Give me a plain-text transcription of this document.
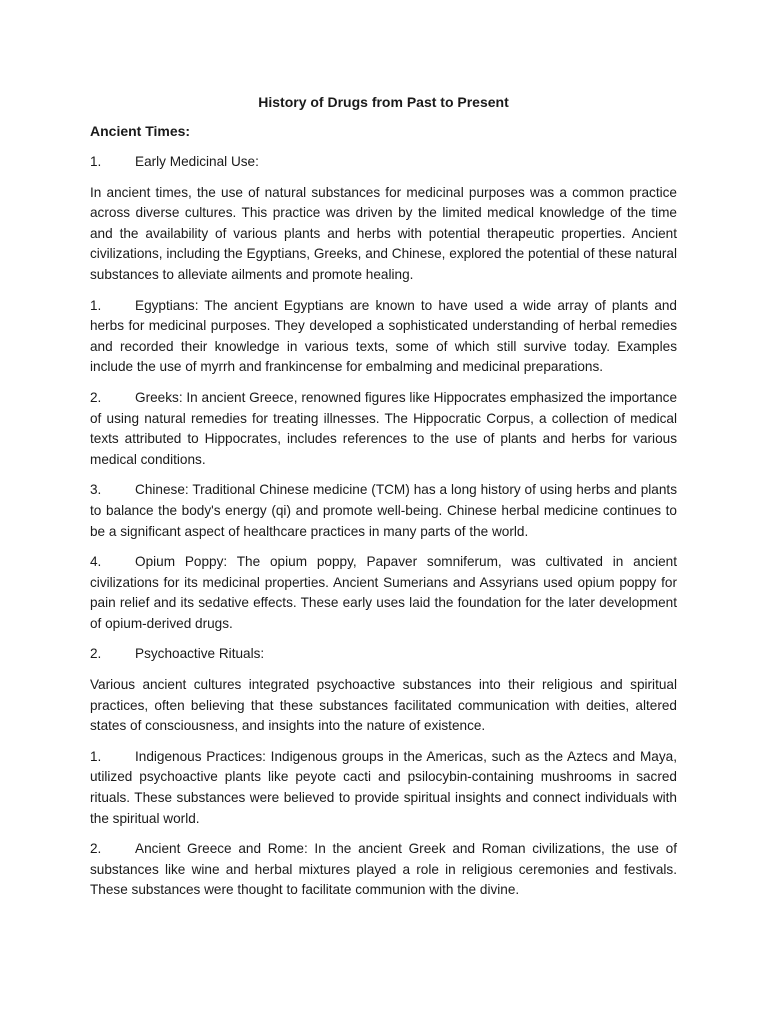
History of Drugs from Past to Present
Ancient Times:
1. Early Medicinal Use:
In ancient times, the use of natural substances for medicinal purposes was a common practice across diverse cultures. This practice was driven by the limited medical knowledge of the time and the availability of various plants and herbs with potential therapeutic properties. Ancient civilizations, including the Egyptians, Greeks, and Chinese, explored the potential of these natural substances to alleviate ailments and promote healing.
1. Egyptians: The ancient Egyptians are known to have used a wide array of plants and herbs for medicinal purposes. They developed a sophisticated understanding of herbal remedies and recorded their knowledge in various texts, some of which still survive today. Examples include the use of myrrh and frankincense for embalming and medicinal preparations.
2. Greeks: In ancient Greece, renowned figures like Hippocrates emphasized the importance of using natural remedies for treating illnesses. The Hippocratic Corpus, a collection of medical texts attributed to Hippocrates, includes references to the use of plants and herbs for various medical conditions.
3. Chinese: Traditional Chinese medicine (TCM) has a long history of using herbs and plants to balance the body's energy (qi) and promote well-being. Chinese herbal medicine continues to be a significant aspect of healthcare practices in many parts of the world.
4. Opium Poppy: The opium poppy, Papaver somniferum, was cultivated in ancient civilizations for its medicinal properties. Ancient Sumerians and Assyrians used opium poppy for pain relief and its sedative effects. These early uses laid the foundation for the later development of opium-derived drugs.
2. Psychoactive Rituals:
Various ancient cultures integrated psychoactive substances into their religious and spiritual practices, often believing that these substances facilitated communication with deities, altered states of consciousness, and insights into the nature of existence.
1. Indigenous Practices: Indigenous groups in the Americas, such as the Aztecs and Maya, utilized psychoactive plants like peyote cacti and psilocybin-containing mushrooms in sacred rituals. These substances were believed to provide spiritual insights and connect individuals with the spiritual world.
2. Ancient Greece and Rome: In the ancient Greek and Roman civilizations, the use of substances like wine and herbal mixtures played a role in religious ceremonies and festivals. These substances were thought to facilitate communion with the divine.
